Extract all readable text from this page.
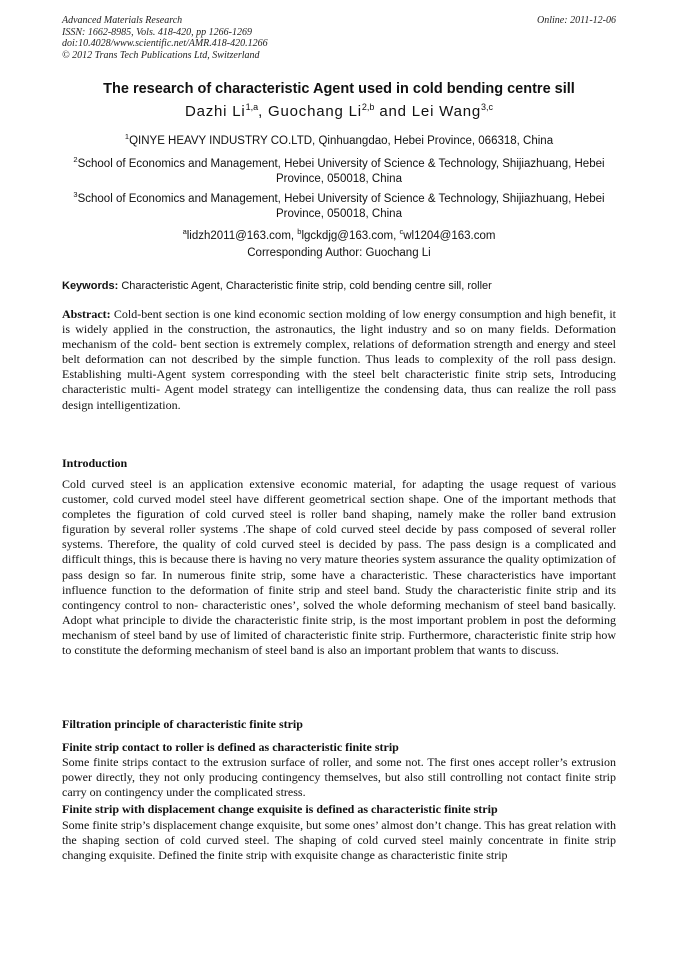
Advanced Materials Research
ISSN: 1662-8985, Vols. 418-420, pp 1266-1269
doi:10.4028/www.scientific.net/AMR.418-420.1266
© 2012 Trans Tech Publications Ltd, Switzerland
Online: 2011-12-06
The research of characteristic Agent used in cold bending centre sill
Dazhi Li$^{1,a}$, Guochang Li$^{2,b}$ and Lei Wang$^{3,c}$
$^1$QINYE HEAVY INDUSTRY CO.LTD, Qinhuangdao, Hebei Province, 066318, China
$^2$School of Economics and Management, Hebei University of Science & Technology, Shijiazhuang, Hebei Province, 050018, China
$^3$School of Economics and Management, Hebei University of Science & Technology, Shijiazhuang, Hebei Province, 050018, China
$^a$lidzh2011@163.com, $^b$lgckdjg@163.com, $^c$wl1204@163.com
Corresponding Author: Guochang Li
Keywords: Characteristic Agent, Characteristic finite strip, cold bending centre sill, roller
Abstract: Cold-bent section is one kind economic section molding of low energy consumption and high benefit, it is widely applied in the construction, the astronautics, the light industry and so on many fields. Deformation mechanism of the cold- bent section is extremely complex, relations of deformation strength and energy and steel belt deformation can not described by the simple function. Thus leads to complexity of the roll pass design. Establishing multi-Agent system corresponding with the steel belt characteristic finite strip sets, Introducing characteristic multi- Agent model strategy can intelligentize the condensing data, thus can realize the roll pass design intelligentization.
Introduction
Cold curved steel is an application extensive economic material, for adapting the usage request of various customer, cold curved model steel have different geometrical section shape. One of the important methods that completes the figuration of cold curved steel is roller band shaping, namely make the roller band extrusion figuration by several roller systems .The shape of cold curved steel decide by pass composed of several roller systems. Therefore, the quality of cold curved steel is decided by pass. The pass design is a complicated and difficult things, this is because there is having no very mature theories system assurance the quality optimization of pass design so far. In numerous finite strip, some have a characteristic. These characteristics have important influence function to the deformation of finite strip and steel band. Study the characteristic finite strip and its contingency control to non- characteristic ones’, solved the whole deforming mechanism of steel band basically. Adopt what principle to divide the characteristic finite strip, is the most important problem in post the deforming mechanism of steel band by use of limited of characteristic finite strip. Furthermore, characteristic finite strip how to constitute the deforming mechanism of steel band is also an important problem that wants to discuss.
Filtration principle of characteristic finite strip
Finite strip contact to roller is defined as characteristic finite strip
Some finite strips contact to the extrusion surface of roller, and some not. The first ones accept roller’s extrusion power directly, they not only producing contingency themselves, but also still controlling not contact finite strip carry on contingency under the complicated stress.
Finite strip with displacement change exquisite is defined as characteristic finite strip
Some finite strip’s displacement change exquisite, but some ones’ almost don’t change. This has great relation with the shaping section of cold curved steel. The shaping of cold curved steel mainly concentrate in finite strip changing exquisite. Defined the finite strip with exquisite change as characteristic finite strip
